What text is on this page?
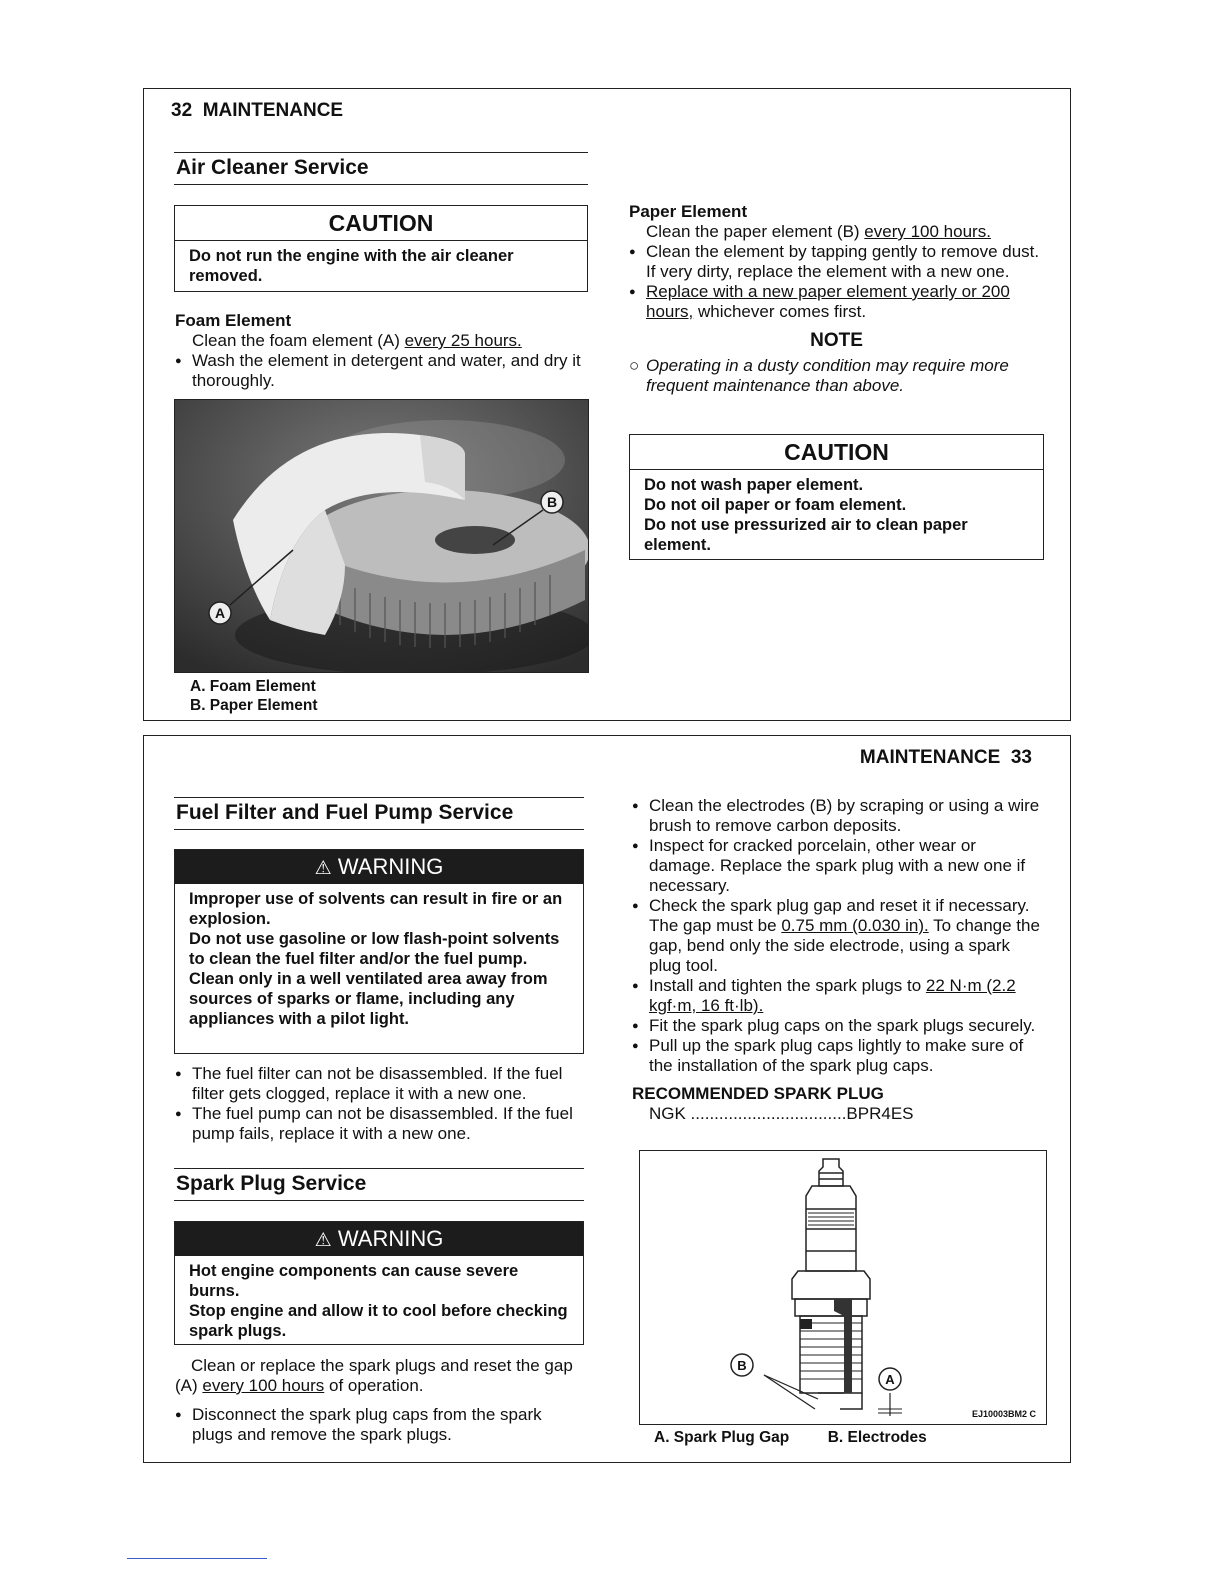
32 MAINTENANCE
Air Cleaner Service
CAUTION

Do not run the engine with the air cleaner removed.

Foam Element
Clean the foam element (A) every 25 hours.
● Wash the element in detergent and water, and dry it thoroughly.
A
B
A. Foam Element
B. Paper Element
Paper Element
Clean the paper element (B) every 100 hours.
● Clean the element by tapping gently to remove dust. If very dirty, replace the element with a new one.
● Replace with a new paper element yearly or 200 hours, whichever comes first.
NOTE
○ Operating in a dusty condition may require more frequent maintenance than above.
CAUTION

Do not wash paper element.

Do not oil paper or foam element.

Do not use pressurized air to clean paper element.

MAINTENANCE 33
Fuel Filter and Fuel Pump Service
⚠ WARNING

Improper use of solvents can result in fire or an explosion.

Do not use gasoline or low flash-point solvents to clean the fuel filter and/or the fuel pump.

Clean only in a well ventilated area away from sources of sparks or flame, including any appliances with a pilot light.

● The fuel filter can not be disassembled. If the fuel filter gets clogged, replace it with a new one.
● The fuel pump can not be disassembled. If the fuel pump fails, replace it with a new one.
Spark Plug Service
⚠ WARNING

Hot engine components can cause severe burns.

Stop engine and allow it to cool before checking spark plugs.

Clean or replace the spark plugs and reset the gap (A) every 100 hours of operation.
● Disconnect the spark plug caps from the spark plugs and remove the spark plugs.
● Clean the electrodes (B) by scraping or using a wire brush to remove carbon deposits.
● Inspect for cracked porcelain, other wear or damage. Replace the spark plug with a new one if necessary.
● Check the spark plug gap and reset it if necessary. The gap must be 0.75 mm (0.030 in). To change the gap, bend only the side electrode, using a spark plug tool.
● Install and tighten the spark plugs to 22 N·m (2.2 kgf·m, 16 ft·lb).
● Fit the spark plug caps on the spark plugs securely.
● Pull up the spark plug caps lightly to make sure of the installation of the spark plug caps.
RECOMMENDED SPARK PLUG
NGK .................................BPR4ES
B
A
EJ10003BM2 C
A. Spark Plug Gap B. Electrodes
